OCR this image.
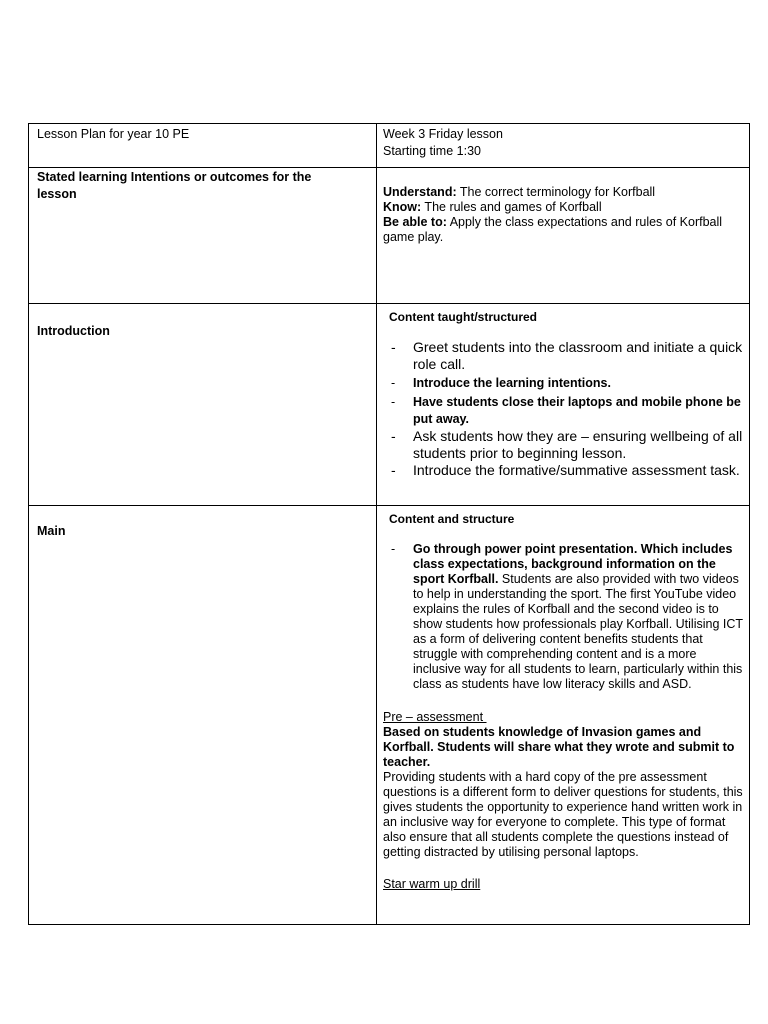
Lesson Plan for year 10 PE	Week 3 Friday lesson
Starting time 1:30
Stated learning Intentions or outcomes for the lesson	Understand: The correct terminology for Korfball
Know: The rules and games of Korfball
Be able to: Apply the class expectations and rules of Korfball game play.
Introduction
Content taught/structured
- Greet students into the classroom and initiate a quick role call.
- Introduce the learning intentions.
- Have students close their laptops and mobile phone be put away.
- Ask students how they are – ensuring wellbeing of all students prior to beginning lesson.
- Introduce the formative/summative assessment task.
Main
Content and structure
- Go through power point presentation. Which includes class expectations, background information on the sport Korfball. Students are also provided with two videos to help in understanding the sport. The first YouTube video explains the rules of Korfball and the second video is to show students how professionals play Korfball. Utilising ICT as a form of delivering content benefits students that struggle with comprehending content and is a more inclusive way for all students to learn, particularly within this class as students have low literacy skills and ASD.
Pre – assessment
Based on students knowledge of Invasion games and Korfball. Students will share what they wrote and submit to teacher.
Providing students with a hard copy of the pre assessment questions is a different form to deliver questions for students, this gives students the opportunity to experience hand written work in an inclusive way for everyone to complete. This type of format also ensure that all students complete the questions instead of getting distracted by utilising personal laptops.
Star warm up drill
